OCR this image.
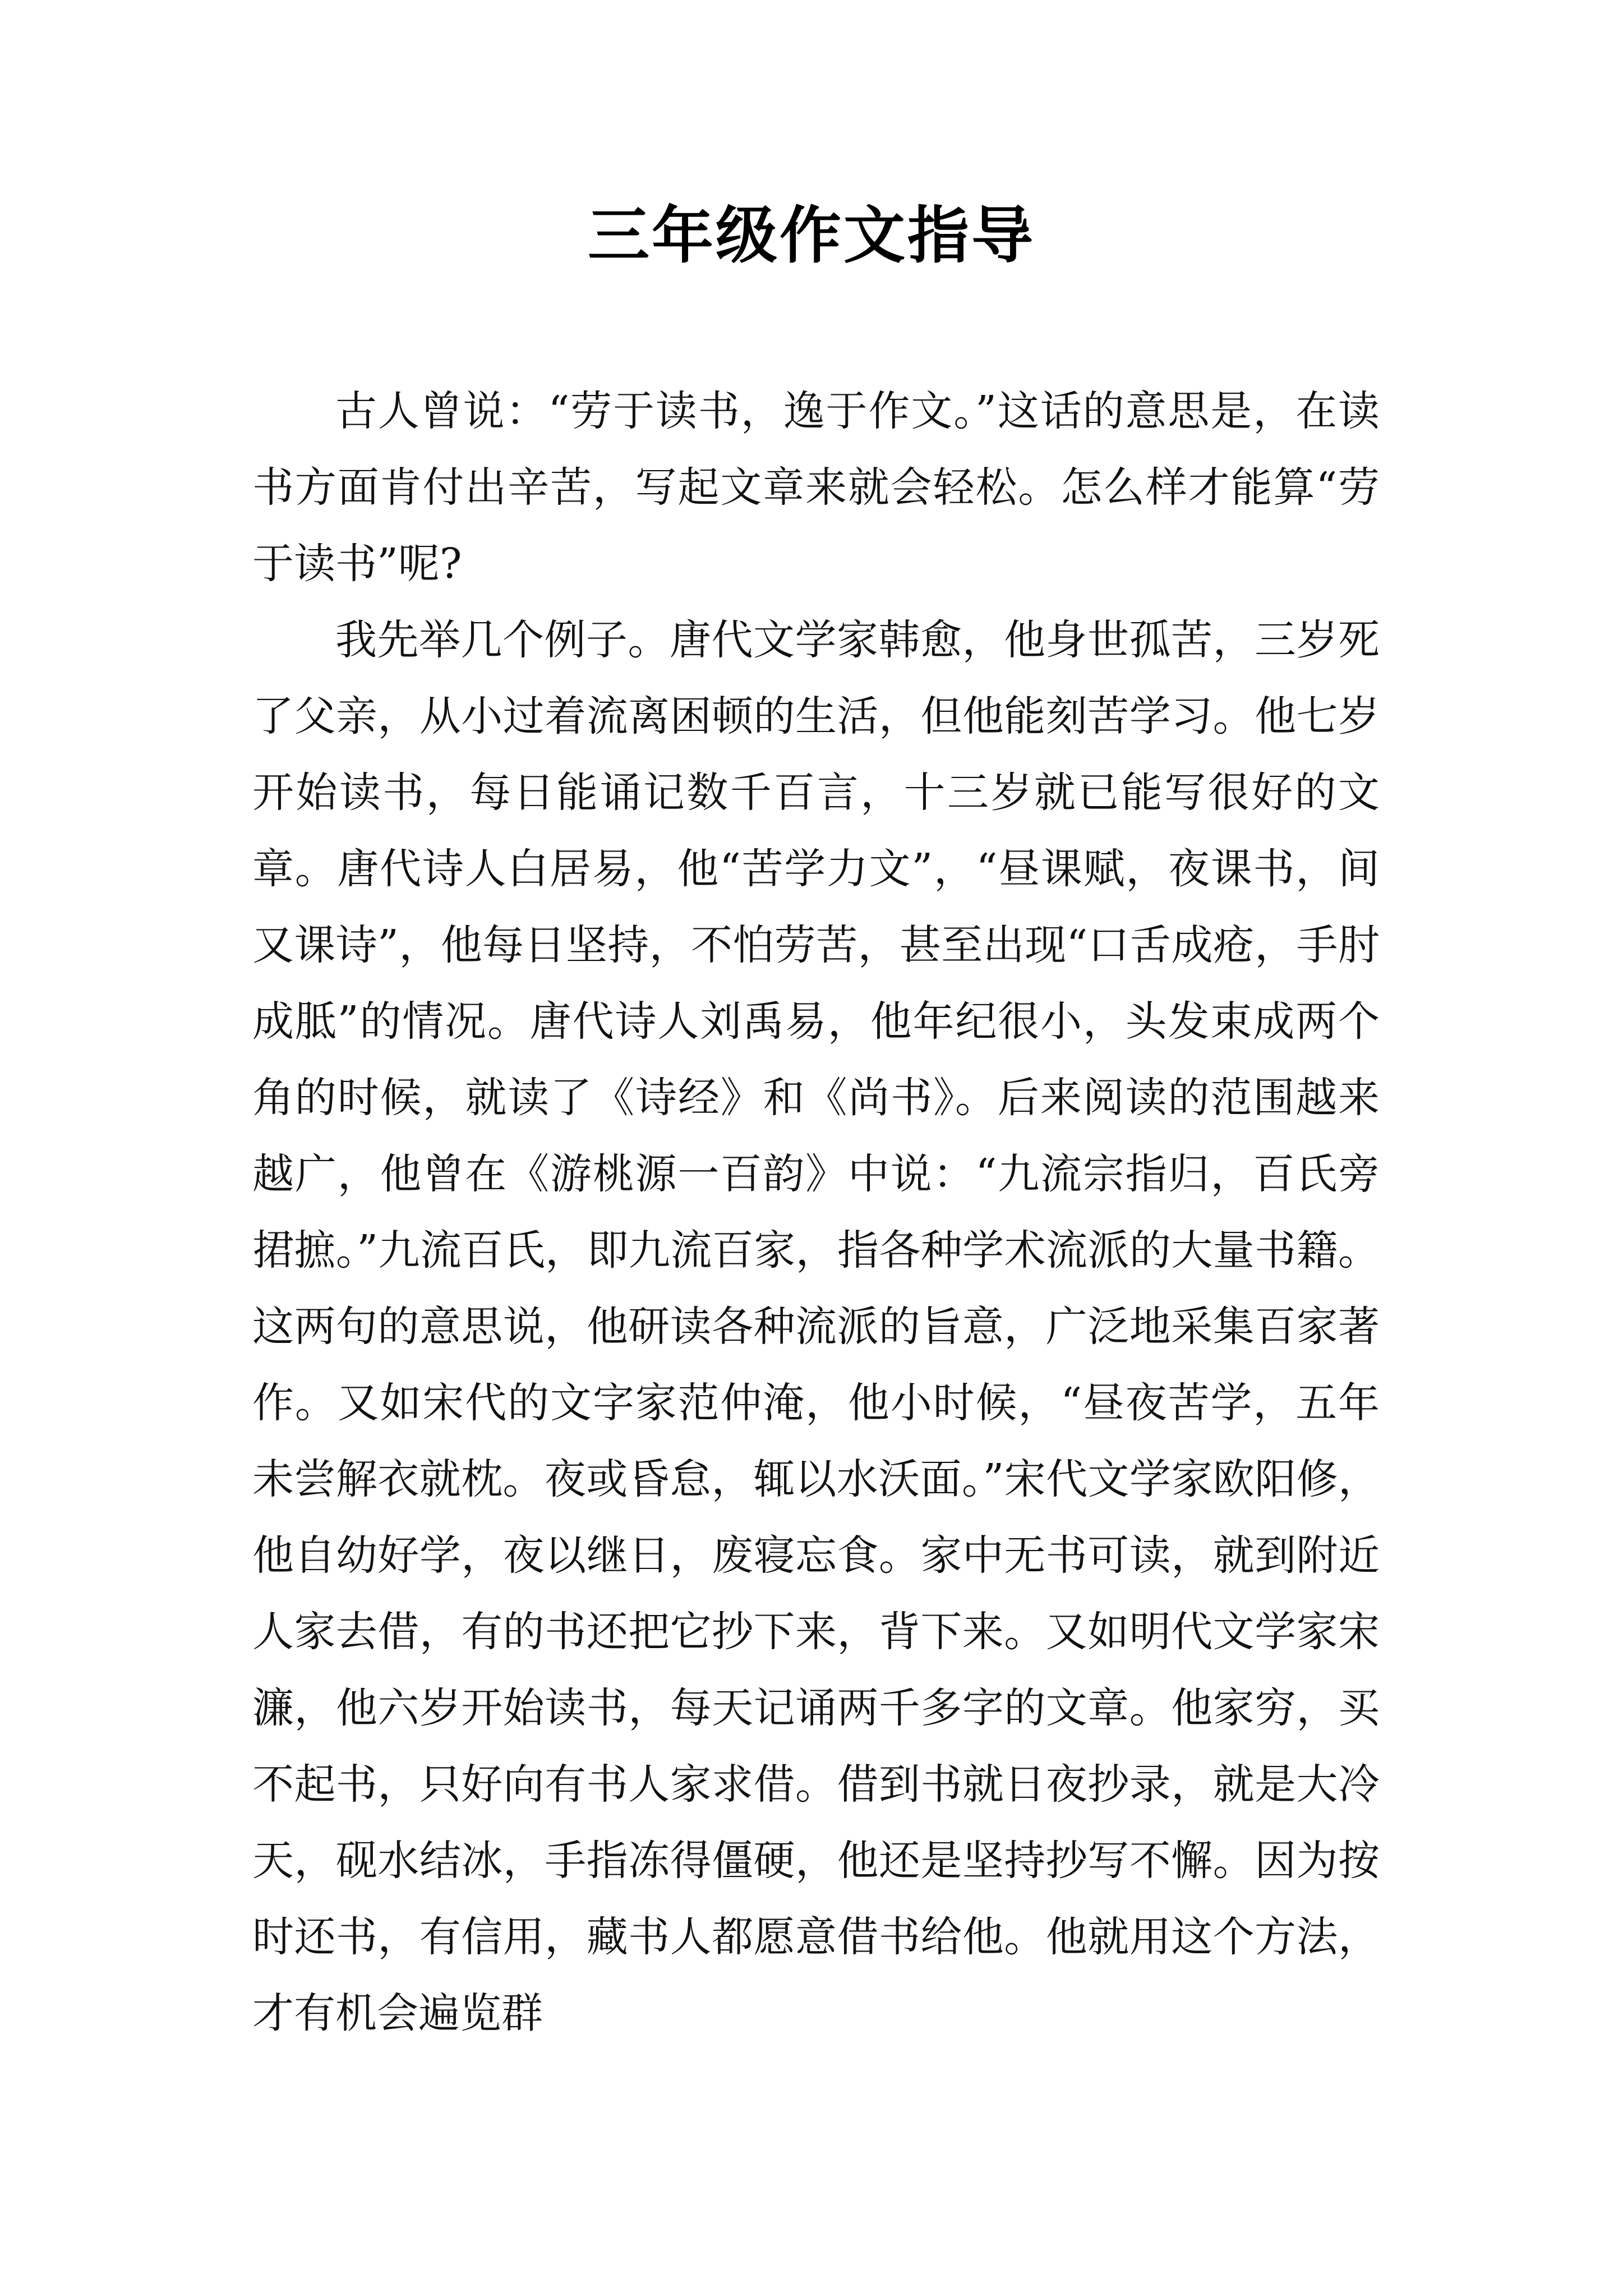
三年级作文指导

古人曾说：“劳于读书，逸于作文。”这话的意思是，在读书方面肯付出辛苦，写起文章来就会轻松。怎么样才能算“劳于读书”呢?

我先举几个例子。唐代文学家韩愈，他身世孤苦，三岁死了父亲，从小过着流离困顿的生活，但他能刻苦学习。他七岁开始读书，每日能诵记数千百言，十三岁就已能写很好的文章。唐代诗人白居易，他“苦学力文”，“昼课赋，夜课书，间又课诗”，他每日坚持，不怕劳苦，甚至出现“口舌成疮，手肘成胝”的情况。唐代诗人刘禹易，他年纪很小，头发束成两个角的时候，就读了《诗经》和《尚书》。后来阅读的范围越来越广，他曾在《游桃源一百韵》中说：“九流宗指归，百氏旁捃摭。”九流百氏，即九流百家，指各种学术流派的大量书籍。这两句的意思说，他研读各种流派的旨意，广泛地采集百家著作。又如宋代的文字家范仲淹，他小时候，“昼夜苦学，五年未尝解衣就枕。夜或昏怠，辄以水沃面。”宋代文学家欧阳修，他自幼好学，夜以继日，废寝忘食。家中无书可读，就到附近人家去借，有的书还把它抄下来，背下来。又如明代文学家宋濂，他六岁开始读书，每天记诵两千多字的文章。他家穷，买不起书，只好向有书人家求借。借到书就日夜抄录，就是大冷天，砚水结冰，手指冻得僵硬，他还是坚持抄写不懈。因为按时还书，有信用，藏书人都愿意借书给他。他就用这个方法，才有机会遍览群
